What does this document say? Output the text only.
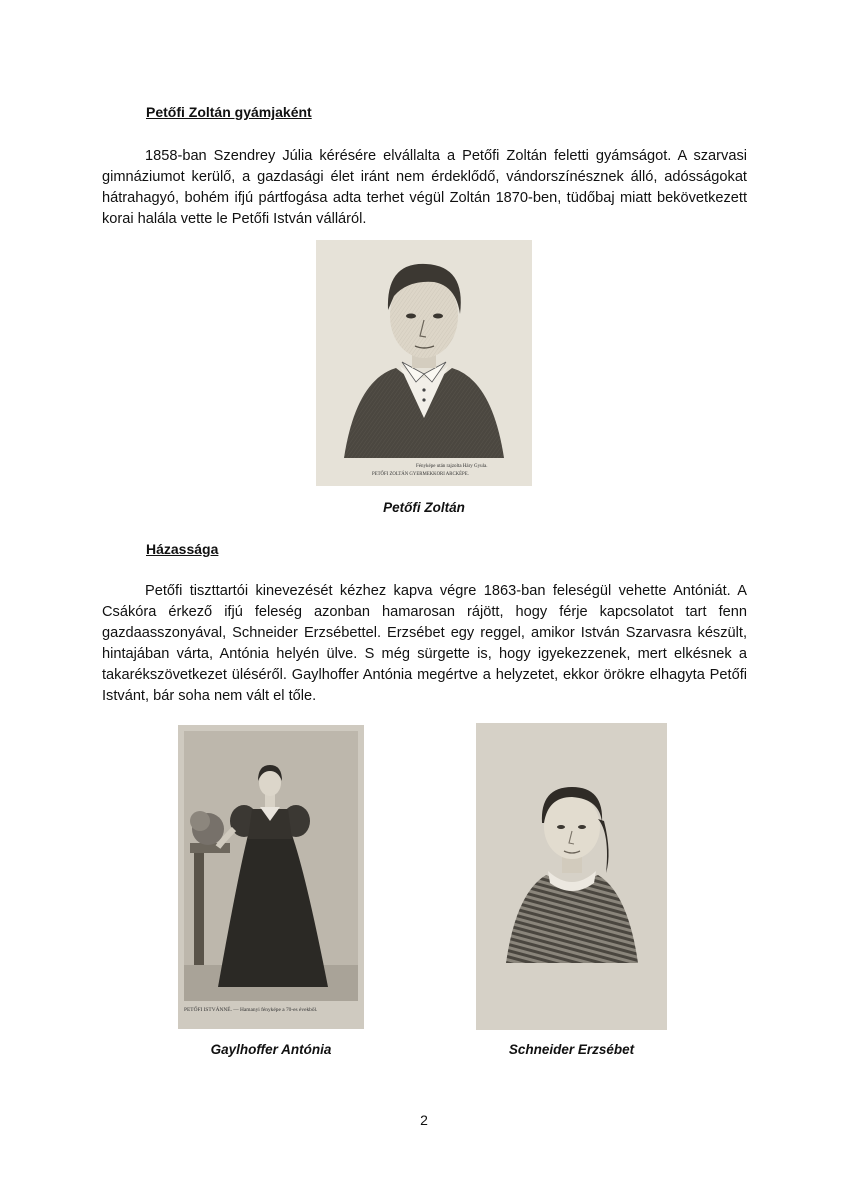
Petőfi Zoltán gyámjaként

1858-ban Szendrey Júlia kérésére elvállalta a Petőfi Zoltán feletti gyámságot. A szarvasi gimnáziumot kerülő, a gazdasági élet iránt nem érdeklődő, vándorszínésznek álló, adósságokat hátrahagyó, bohém ifjú pártfogása adta terhet végül Zoltán 1870-ben, tüdőbaj miatt bekövetkezett korai halála vette le Petőfi István válláról.

Fényképe után rajzolta Háry Gyula.
PETŐFI ZOLTÁN GYERMEKKORI ARCKÉPE.
Petőfi Zoltán
Házassága

Petőfi tiszttartói kinevezését kézhez kapva végre 1863-ban feleségül vehette Antóniát. A Csákóra érkező ifjú feleség azonban hamarosan rájött, hogy férje kapcsolatot tart fenn gazdaasszonyával, Schneider Erzsébettel. Erzsébet egy reggel, amikor István Szarvasra készült, hintajában várta, Antónia helyén ülve. S még sürgette is, hogy igyekezzenek, mert elkésnek a takarékszövetkezet üléséről. Gaylhoffer Antónia megértve a helyzetet, ekkor örökre elhagyta Petőfi Istvánt, bár soha nem vált el tőle.

PETŐFI ISTVÁNNÉ. — Hamanyi fényképe a 70-es évekből.
Gaylhoffer Antónia	Schneider Erzsébet
2
